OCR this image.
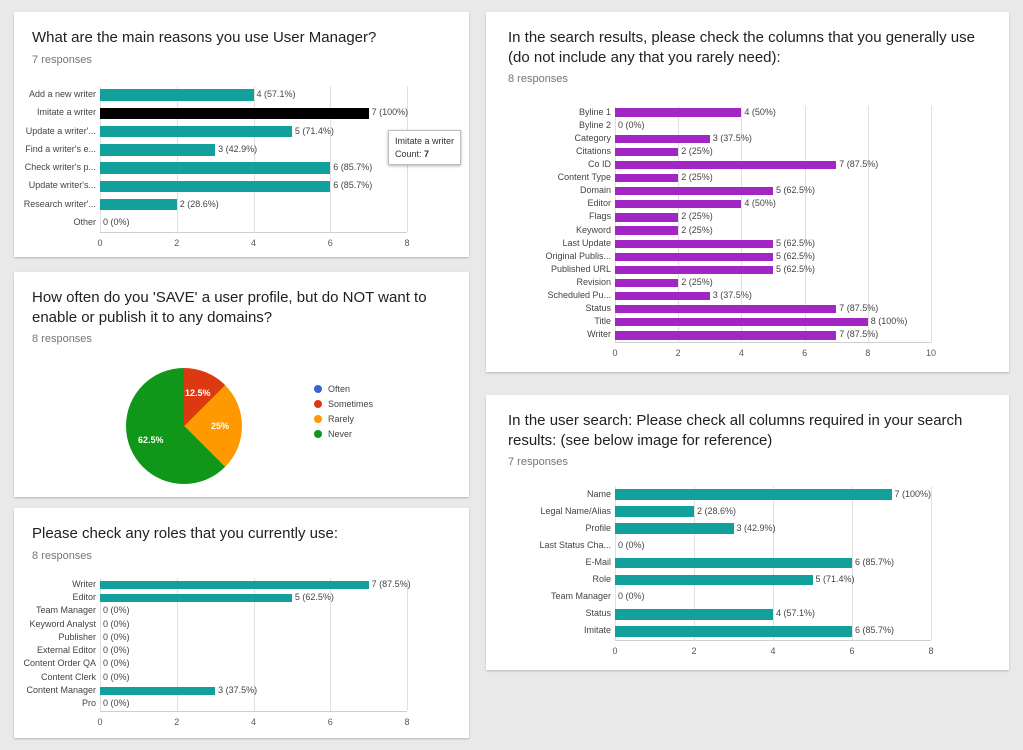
What are the main reasons you use User Manager?
7 responses
0	2	4	6	8
Add a new writer	4 (57.1%)
Imitate a writer	7 (100%)
Update a writer'...	5 (71.4%)
Find a writer's e...	3 (42.9%)
Check writer's p...	6 (85.7%)
Update writer's...	6 (85.7%)
Research writer'...	2 (28.6%)
Other 0 (0%)
Imitate a writer
Count: 7
How often do you 'SAVE' a user profile, but do NOT want to enable or publish it to any domains?
8 responses
12.5%
25%
62.5%
Often
Sometimes
Rarely
Never
Please check any roles that you currently use:
8 responses
0	2	4	6	8
Writer	7 (87.5%)
Editor	5 (62.5%)
Team Manager 0 (0%)
Keyword Analyst 0 (0%)
Publisher 0 (0%)
External Editor 0 (0%)
Content Order QA 0 (0%)
Content Clerk 0 (0%)
Content Manager	3 (37.5%)
Pro 0 (0%)
In the search results, please check the columns that you generally use (do not include any that you rarely need):
8 responses
0	2	4	6	8	10
Byline 1	4 (50%)
Byline 2 0 (0%)
Category	3 (37.5%)
Citations	2 (25%)
Co ID	7 (87.5%)
Content Type	2 (25%)
Domain	5 (62.5%)
Editor	4 (50%)
Flags	2 (25%)
Keyword	2 (25%)
Last Update	5 (62.5%)
Original Publis...	5 (62.5%)
Published URL	5 (62.5%)
Revision	2 (25%)
Scheduled Pu...	3 (37.5%)
Status	7 (87.5%)
Title	8 (100%)
Writer	7 (87.5%)
In the user search: Please check all columns required in your search results: (see below image for reference)
7 responses
0	2	4	6	8
Name	7 (100%)
Legal Name/Alias	2 (28.6%)
Profile	3 (42.9%)
Last Status Cha... 0 (0%)
E-Mail	6 (85.7%)
Role	5 (71.4%)
Team Manager 0 (0%)
Status	4 (57.1%)
Imitate	6 (85.7%)
